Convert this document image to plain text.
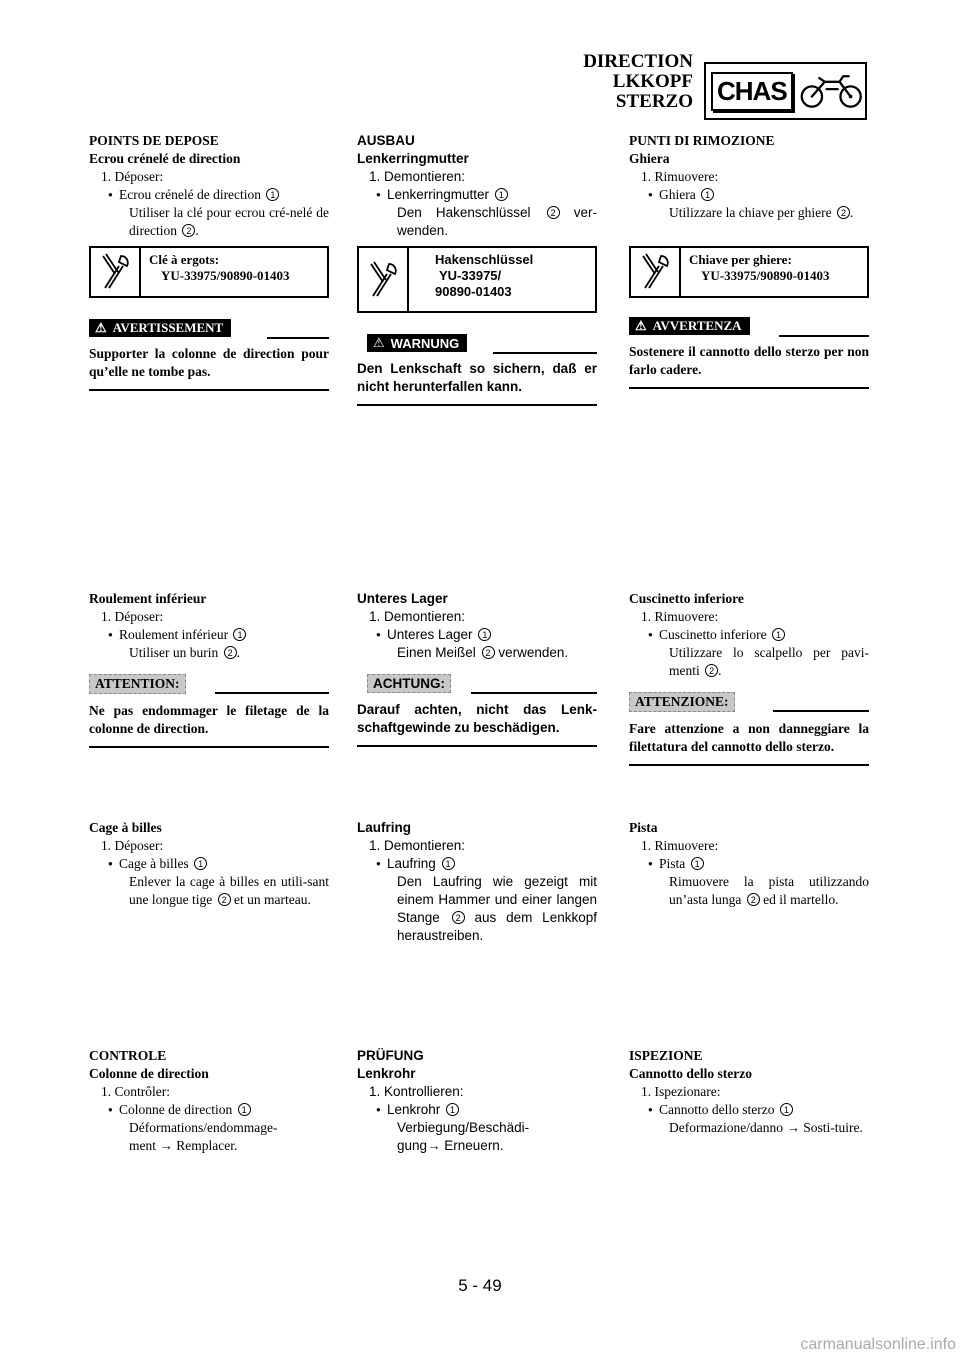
DIRECTION
LKKOPF
STERZO CHAS
POINTS DE DEPOSE
Ecrou crénelé de direction
1. Déposer:
● Ecrou crénelé de direction 1
Utiliser la clé pour ecrou cré-nelé de direction 2 .
Clé à ergots:
YU-33975/90890-01403
⚠ AVERTISSEMENT
Supporter la colonne de direction pour qu’elle ne tombe pas.
Roulement inférieur
1. Déposer:
● Roulement inférieur 1
Utiliser un burin 2 .
ATTENTION:
Ne pas endommager le filetage de la colonne de direction.
Cage à billes
1. Déposer:
● Cage à billes 1
Enlever la cage à billes en utili-sant une longue tige 2 et un marteau.
CONTROLE
Colonne de direction
1. Contrôler:
● Colonne de direction 1
Déformations/endommage-ment → Remplacer.
AUSBAU
Lenkerringmutter
1. Demontieren:
● Lenkerringmutter 1
Den Hakenschlüssel 2 ver-wenden.
Hakenschlüssel
YU-33975/
90890-01403
⚠ WARNUNG
Den Lenkschaft so sichern, daß er nicht herunterfallen kann.
Unteres Lager
1. Demontieren:
● Unteres Lager 1
Einen Meißel 2 verwenden.
ACHTUNG:
Darauf achten, nicht das Lenk-schaftgewinde zu beschädigen.
Laufring
1. Demontieren:
● Laufring 1
Den Laufring wie gezeigt mit einem Hammer und einer langen Stange 2 aus dem Lenkkopf heraustreiben.
PRÜFUNG
Lenkrohr
1. Kontrollieren:
● Lenkrohr 1
Verbiegung/Beschädi-
gung→ Erneuern.
PUNTI DI RIMOZIONE
Ghiera
1. Rimuovere:
● Ghiera 1
Utilizzare la chiave per ghiere 2 .
Chiave per ghiere:
YU-33975/90890-01403
⚠ AVVERTENZA
Sostenere il cannotto dello sterzo per non farlo cadere.
Cuscinetto inferiore
1. Rimuovere:
● Cuscinetto inferiore 1
Utilizzare lo scalpello per pavi-menti 2 .
ATTENZIONE:
Fare attenzione a non danneggiare la filettatura del cannotto dello sterzo.
Pista
1. Rimuovere:
● Pista 1
Rimuovere la pista utilizzando un’asta lunga 2 ed il martello.
ISPEZIONE
Cannotto dello sterzo
1. Ispezionare:
● Cannotto dello sterzo 1
Deformazione/danno → Sosti-tuire.
5 - 49
carmanualsonline.info
